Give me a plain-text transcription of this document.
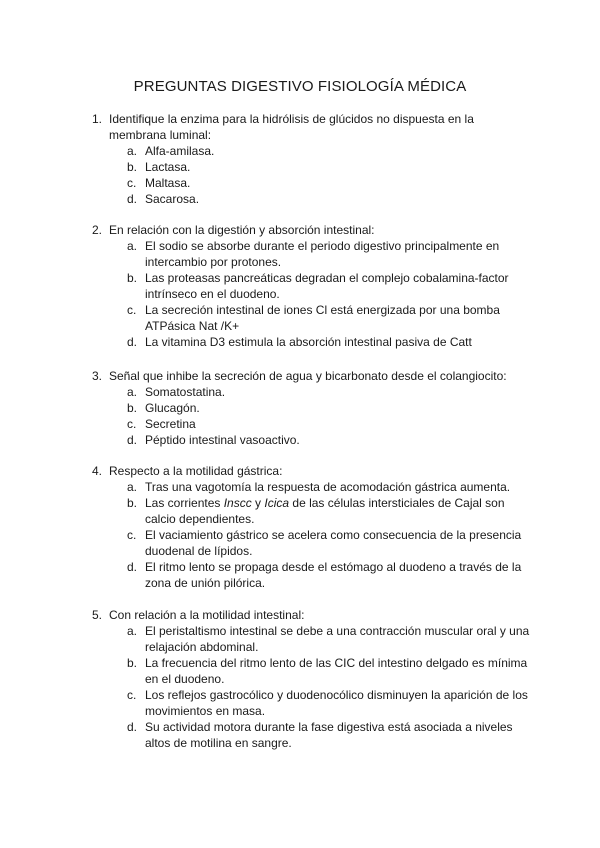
PREGUNTAS DIGESTIVO FISIOLOGÍA MÉDICA
1. Identifique la enzima para la hidrólisis de glúcidos no dispuesta en la membrana luminal:
a. Alfa-amilasa.
b. Lactasa.
c. Maltasa.
d. Sacarosa.
2. En relación con la digestión y absorción intestinal:
a. El sodio se absorbe durante el periodo digestivo principalmente en intercambio por protones.
b. Las proteasas pancreáticas degradan el complejo cobalamina-factor intrínseco en el duodeno.
c. La secreción intestinal de iones Cl está energizada por una bomba ATPásica Nat /K+
d. La vitamina D3 estimula la absorción intestinal pasiva de Catt
3. Señal que inhibe la secreción de agua y bicarbonato desde el colangiocito:
a. Somatostatina.
b. Glucagón.
c. Secretina
d. Péptido intestinal vasoactivo.
4. Respecto a la motilidad gástrica:
a. Tras una vagotomía la respuesta de acomodación gástrica aumenta.
b. Las corrientes Inscc y Icica de las células intersticiales de Cajal son calcio dependientes.
c. El vaciamiento gástrico se acelera como consecuencia de la presencia duodenal de lípidos.
d. El ritmo lento se propaga desde el estómago al duodeno a través de la zona de unión pilórica.
5. Con relación a la motilidad intestinal:
a. El peristaltismo intestinal se debe a una contracción muscular oral y una relajación abdominal.
b. La frecuencia del ritmo lento de las CIC del intestino delgado es mínima en el duodeno.
c. Los reflejos gastrocólico y duodenocólico disminuyen la aparición de los movimientos en masa.
d. Su actividad motora durante la fase digestiva está asociada a niveles altos de motilina en sangre.
